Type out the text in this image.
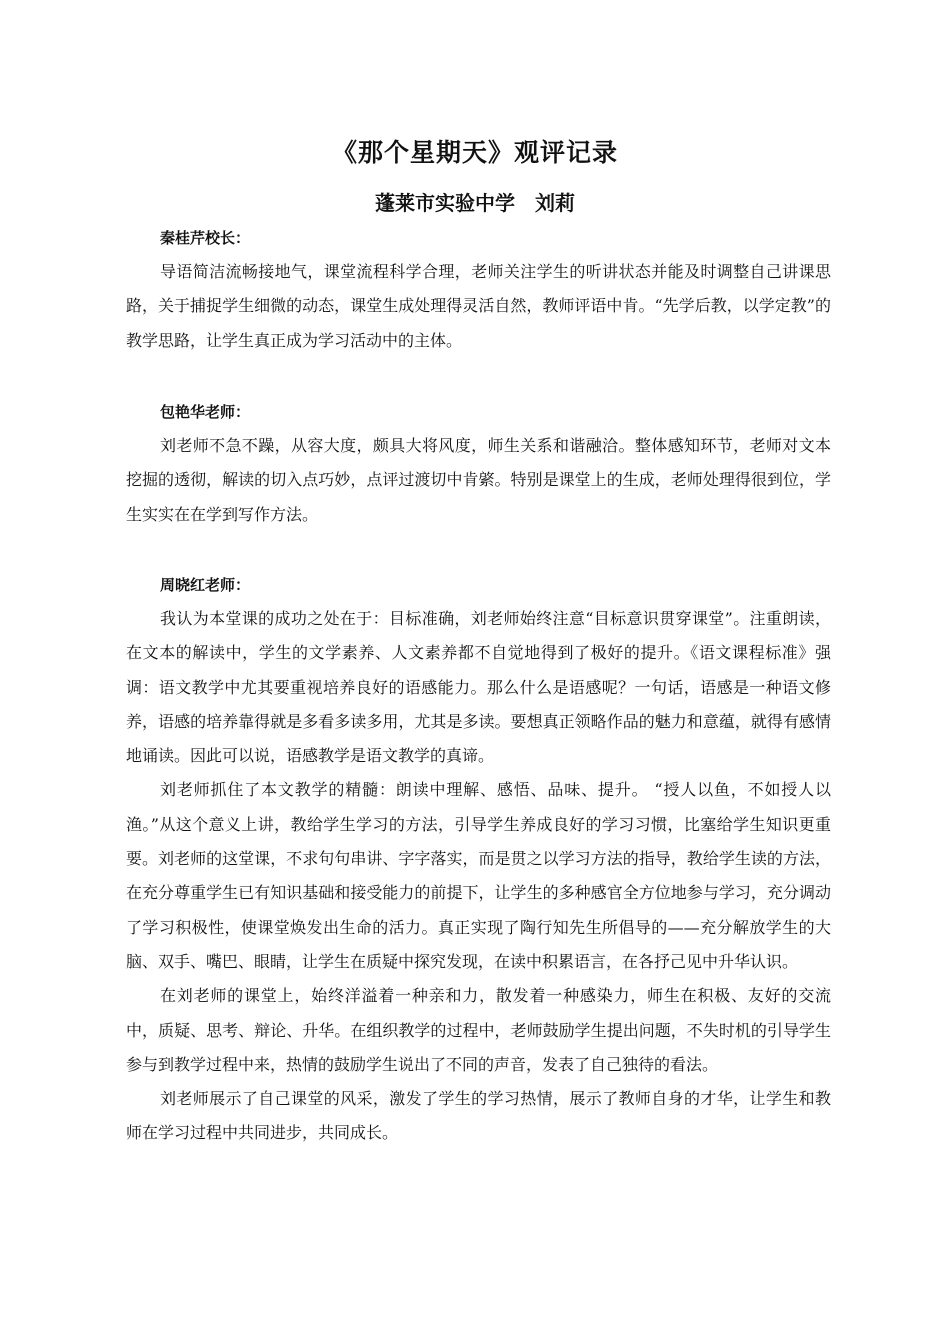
《那个星期天》观评记录
蓬莱市实验中学　刘莉
秦桂芹校长：

导语简洁流畅接地气，课堂流程科学合理，老师关注学生的听讲状态并能及时调整自己讲课思路，关于捕捉学生细微的动态，课堂生成处理得灵活自然，教师评语中肯。“先学后教，以学定教”的教学思路，让学生真正成为学习活动中的主体。

包艳华老师：

刘老师不急不躁，从容大度，颇具大将风度，师生关系和谐融洽。整体感知环节，老师对文本挖掘的透彻，解读的切入点巧妙，点评过渡切中肯綮。特别是课堂上的生成，老师处理得很到位，学生实实在在学到写作方法。

周晓红老师：

我认为本堂课的成功之处在于：目标准确，刘老师始终注意“目标意识贯穿课堂”。注重朗读，在文本的解读中，学生的文学素养、人文素养都不自觉地得到了极好的提升。《语文课程标准》强调：语文教学中尤其要重视培养良好的语感能力。那么什么是语感呢？一句话，语感是一种语文修养，语感的培养靠得就是多看多读多用，尤其是多读。要想真正领略作品的魅力和意蕴，就得有感情地诵读。因此可以说，语感教学是语文教学的真谛。

刘老师抓住了本文教学的精髓：朗读中理解、感悟、品味、提升。 “授人以鱼，不如授人以渔。”从这个意义上讲，教给学生学习的方法，引导学生养成良好的学习习惯，比塞给学生知识更重要。刘老师的这堂课，不求句句串讲、字字落实，而是贯之以学习方法的指导，教给学生读的方法，在充分尊重学生已有知识基础和接受能力的前提下，让学生的多种感官全方位地参与学习，充分调动了学习积极性，使课堂焕发出生命的活力。真正实现了陶行知先生所倡导的——充分解放学生的大脑、双手、嘴巴、眼睛，让学生在质疑中探究发现，在读中积累语言，在各抒己见中升华认识。

在刘老师的课堂上，始终洋溢着一种亲和力，散发着一种感染力，师生在积极、友好的交流中，质疑、思考、辩论、升华。在组织教学的过程中，老师鼓励学生提出问题，不失时机的引导学生参与到教学过程中来，热情的鼓励学生说出了不同的声音，发表了自己独待的看法。

刘老师展示了自己课堂的风采，激发了学生的学习热情，展示了教师自身的才华，让学生和教师在学习过程中共同进步，共同成长。
